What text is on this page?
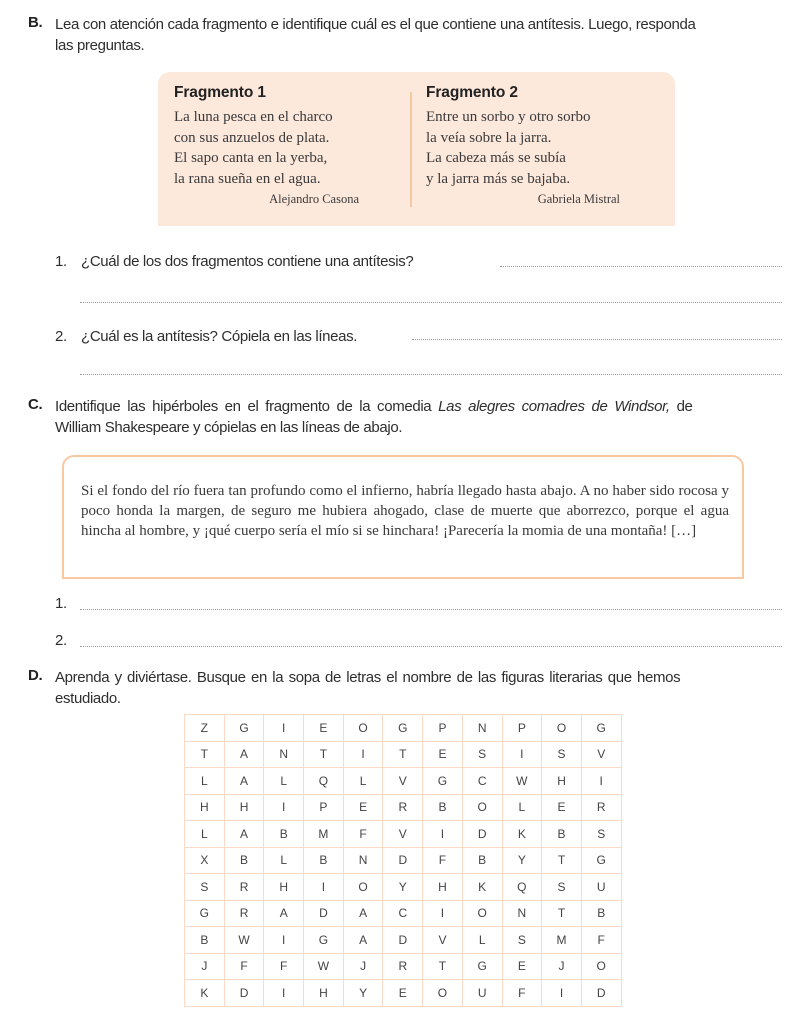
B. Lea con atención cada fragmento e identifique cuál es el que contiene una antítesis. Luego, responda
las preguntas.
Fragmento 1
La luna pesca en el charco
con sus anzuelos de plata.
El sapo canta en la yerba,
la rana sueña en el agua.
Alejandro Casona
Fragmento 2
Entre un sorbo y otro sorbo
la veía sobre la jarra.
La cabeza más se subía
y la jarra más se bajaba.
Gabriela Mistral
1. ¿Cuál de los dos fragmentos contiene una antítesis?
2. ¿Cuál es la antítesis? Cópiela en las líneas.
C. Identifique las hipérboles en el fragmento de la comedia Las alegres comadres de Windsor, de
William Shakespeare y cópielas en las líneas de abajo.
Si el fondo del río fuera tan profundo como el infierno, habría llegado hasta abajo. A no haber sido rocosa y poco honda la margen, de seguro me hubiera ahogado, clase de muerte que aborrezco, porque el agua hincha al hombre, y ¡qué cuerpo sería el mío si se hinchara! ¡Parecería la momia de una montaña! […]
1.
2.
D. Aprenda y diviértase. Busque en la sopa de letras el nombre de las figuras literarias que hemos
estudiado.
Z	G	I	E	O	G	P	N	P	O	G
T	A	N	T	I	T	E	S	I	S	V
L	A	L	Q	L	V	G	C	W	H	I
H	H	I	P	E	R	B	O	L	E	R
L	A	B	M	F	V	I	D	K	B	S
X	B	L	B	N	D	F	B	Y	T	G
S	R	H	I	O	Y	H	K	Q	S	U
G	R	A	D	A	C	I	O	N	T	B
B	W	I	G	A	D	V	L	S	M	F
J	F	F	W	J	R	T	G	E	J	O
K	D	I	H	Y	E	O	U	F	I	D
